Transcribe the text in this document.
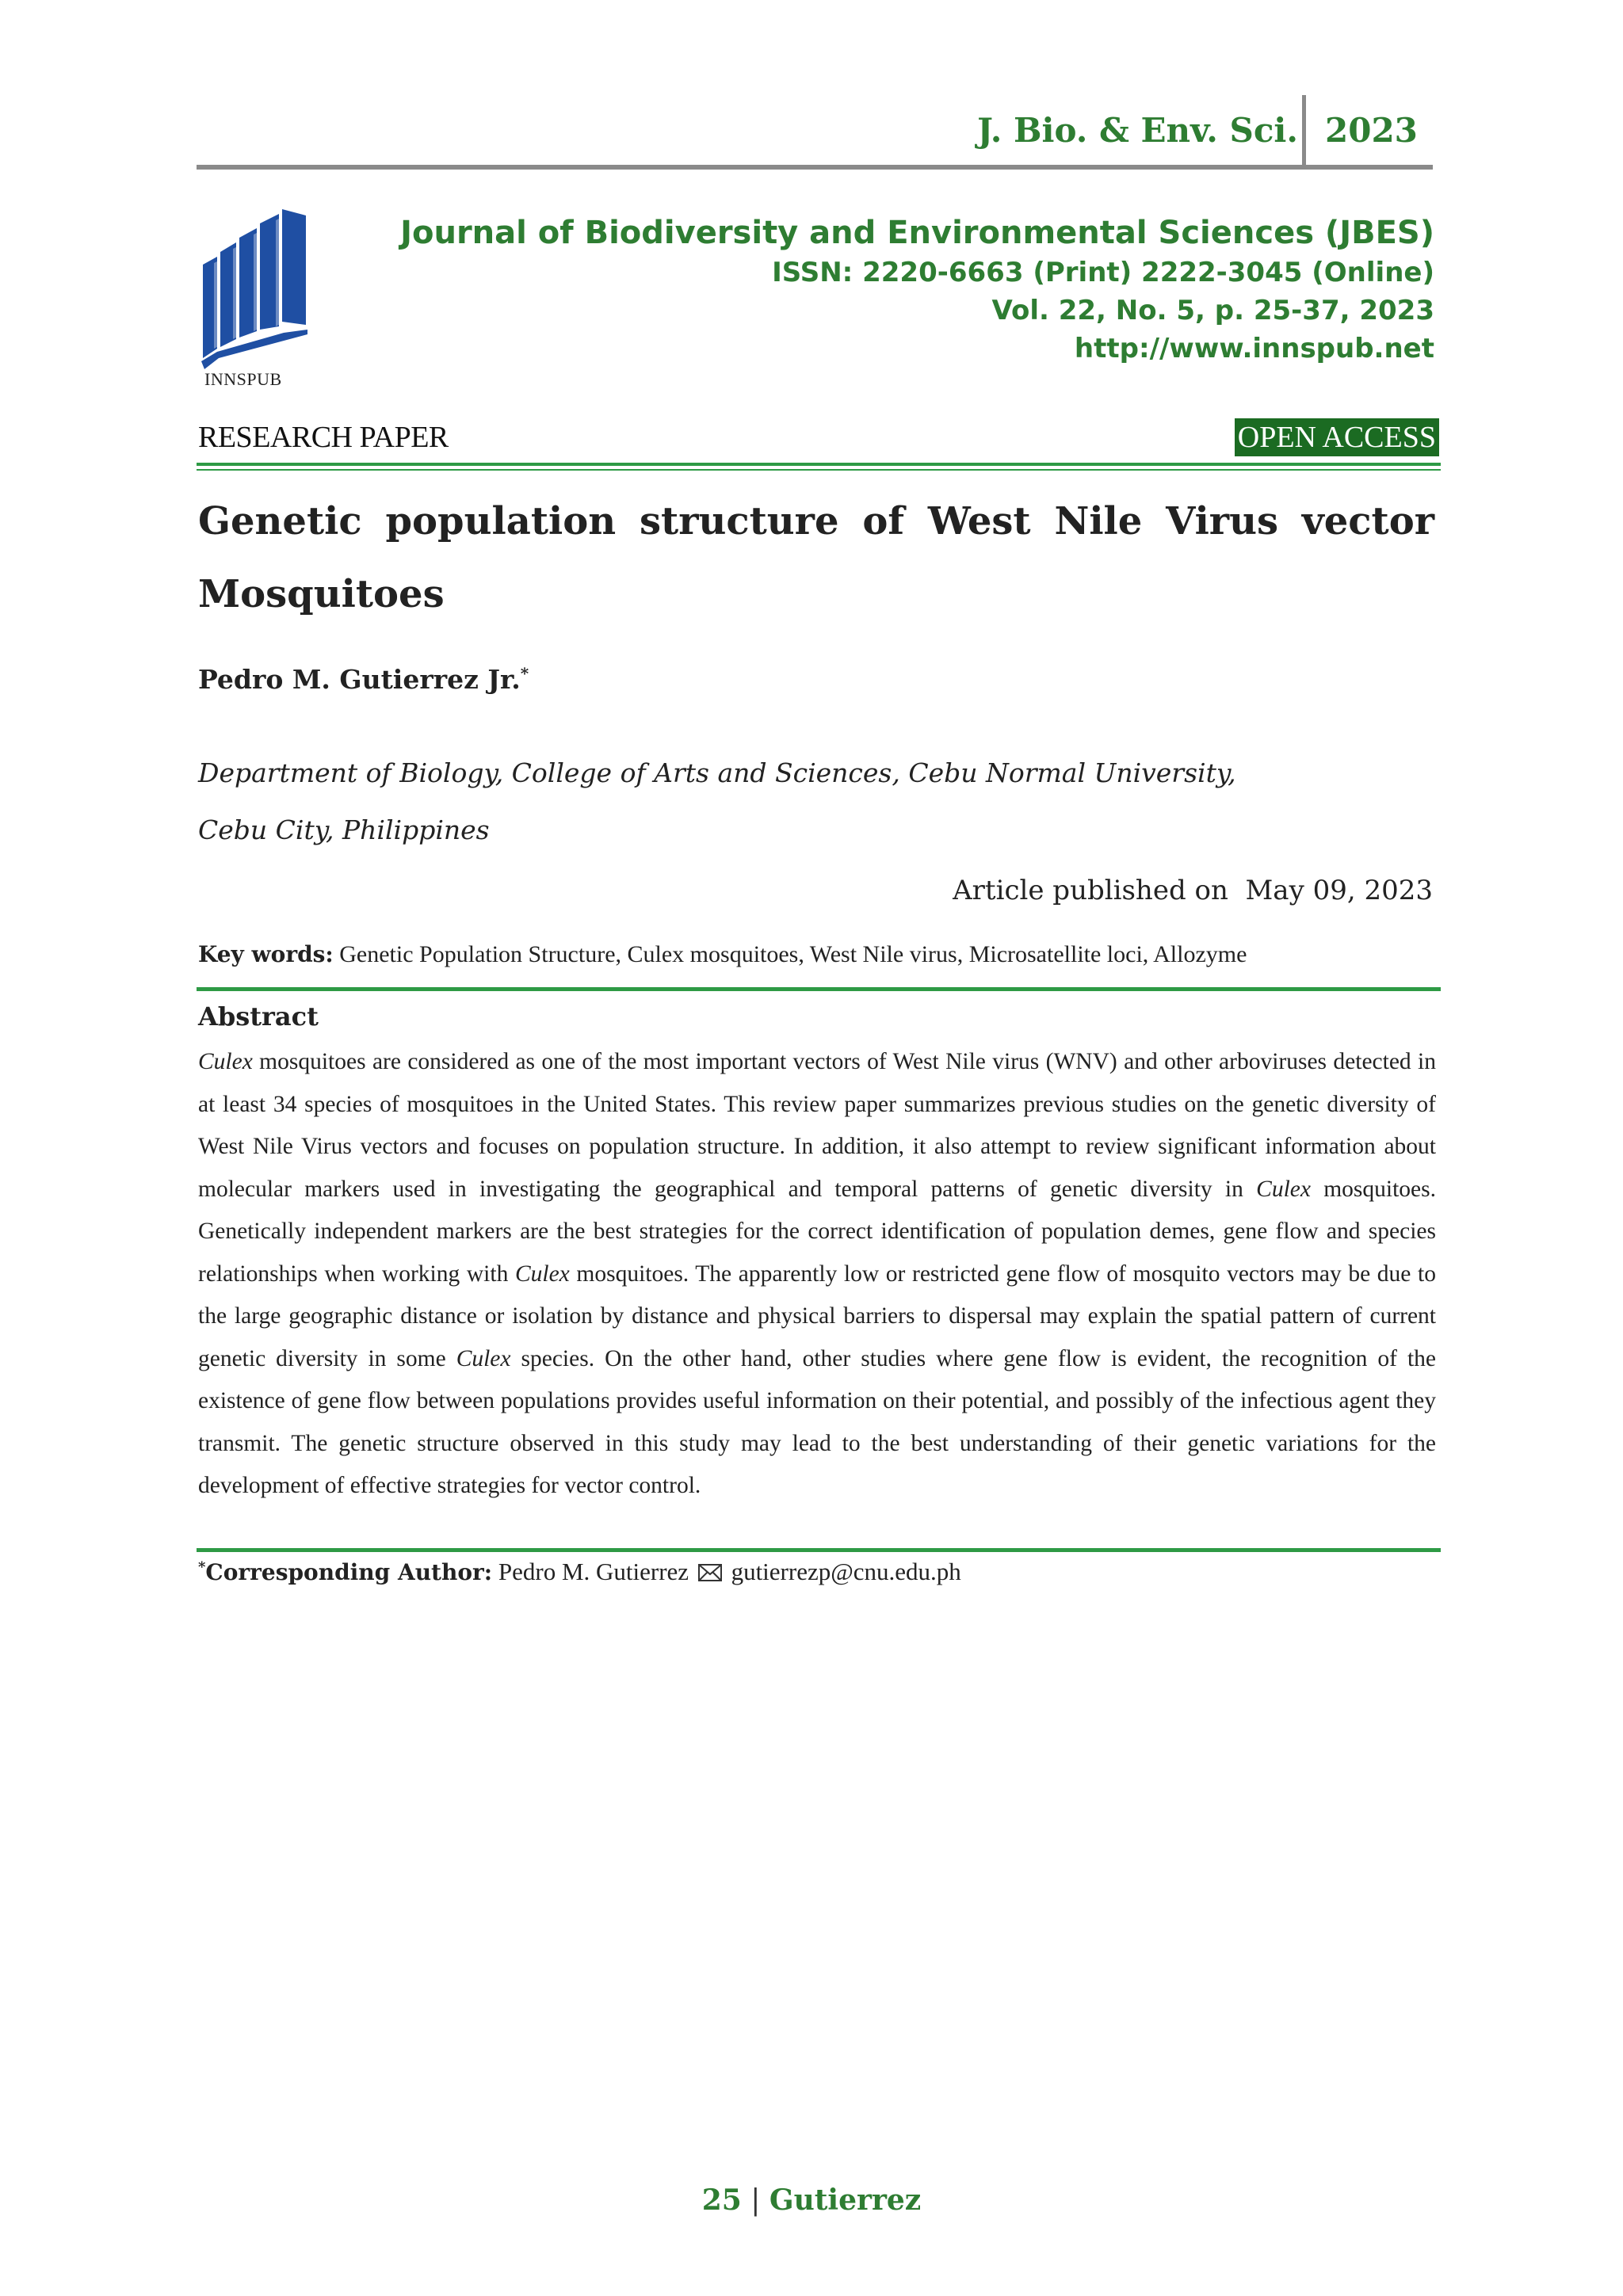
J. Bio. & Env. Sci. 2023
INNSPUB
Journal of Biodiversity and Environmental Sciences (JBES)
ISSN: 2220-6663 (Print) 2222-3045 (Online)
Vol. 22, No. 5, p. 25-37, 2023
http://www.innspub.net
RESEARCH PAPER	OPEN ACCESS
Genetic population structure of West Nile Virus vector
Mosquitoes
Pedro M. Gutierrez Jr.*
Department of Biology, College of Arts and Sciences, Cebu Normal University,
Cebu City, Philippines
Article published on  May 09, 2023
Key words: Genetic Population Structure, Culex mosquitoes, West Nile virus, Microsatellite loci, Allozyme
Abstract
Culex mosquitoes are considered as one of the most important vectors of West Nile virus (WNV) and other arboviruses detected in at least 34 species of mosquitoes in the United States. This review paper summarizes previous studies on the genetic diversity of West Nile Virus vectors and focuses on population structure. In addition, it also attempt to review significant information about molecular markers used in investigating the geographical and temporal patterns of genetic diversity in Culex mosquitoes. Genetically independent markers are the best strategies for the correct identification of population demes, gene flow and species relationships when working with Culex mosquitoes. The apparently low or restricted gene flow of mosquito vectors may be due to the large geographic distance or isolation by distance and physical barriers to dispersal may explain the spatial pattern of current genetic diversity in some Culex species. On the other hand, other studies where gene flow is evident, the recognition of the existence of gene flow between populations provides useful information on their potential, and possibly of the infectious agent they transmit. The genetic structure observed in this study may lead to the best understanding of their genetic variations for the development of effective strategies for vector control.
*Corresponding Author: Pedro M. Gutierrez  gutierrezp@cnu.edu.ph
25 | Gutierrez
